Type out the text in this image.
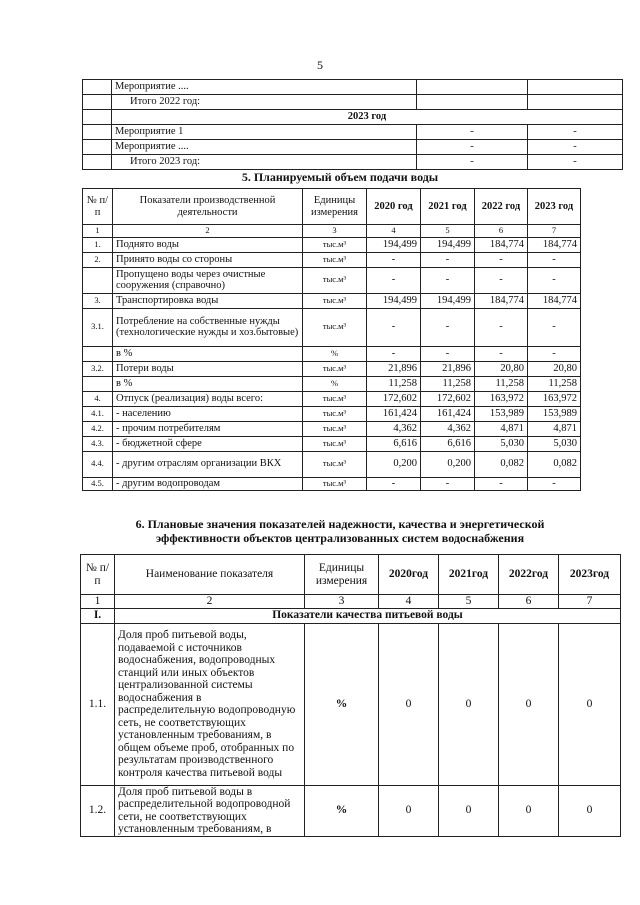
5
	Мероприятие ....		
	Итого 2022 год:		
	2023 год		
	Мероприятие 1	-	-
	Мероприятие ....	-	-
	Итого 2023 год:	-	-
5. Планируемый объем подачи воды
№ п/п	Показатели производственной деятельности	Единицы измерения	2020 год	2021 год	2022 год	2023 год
1	2	3	4	5	6	7
1.	Поднято воды	тыс.м³	194,499	194,499	184,774	184,774
2.	Принято воды со стороны	тыс.м³	-	-	-	-
	Пропущено воды через очистные сооружения (справочно)	тыс.м³	-	-	-	-
3.	Транспортировка воды	тыс.м³	194,499	194,499	184,774	184,774
3.1.	Потребление на собственные нужды (технологические нужды и хоз.бытовые)	тыс.м³	-	-	-	-
	в %	%	-	-	-	-
3.2.	Потери воды	тыс.м³	21,896	21,896	20,80	20,80
	в %	%	11,258	11,258	11,258	11,258
4.	Отпуск (реализация) воды всего:	тыс.м³	172,602	172,602	163,972	163,972
4.1.	- населению	тыс.м³	161,424	161,424	153,989	153,989
4.2.	- прочим потребителям	тыс.м³	4,362	4,362	4,871	4,871
4.3.	- бюджетной сфере	тыс.м³	6,616	6,616	5,030	5,030
4.4.	- другим отраслям организации ВКХ	тыс.м³	0,200	0,200	0,082	0,082
4.5.	- другим водопроводам	тыс.м³	-	-	-	-
6. Плановые значения показателей надежности, качества и энергетической
эффективности объектов централизованных систем водоснабжения
№ п/п	Наименование показателя	Единицы измерения	2020год	2021год	2022год	2023год
1	2	3	4	5	6	7
I.	Показатели качества питьевой воды					
1.1.	Доля проб питьевой воды, подаваемой с источников водоснабжения, водопроводных станций или иных объектов централизованной системы водоснабжения в распределительную водопроводную сеть, не соответствующих установленным требованиям, в общем объеме проб, отобранных по результатам производственного контроля качества питьевой воды	%	0	0	0	0
1.2.	Доля проб питьевой воды в распределительной водопроводной сети, не соответствующих установленным требованиям, в	%	0	0	0	0
